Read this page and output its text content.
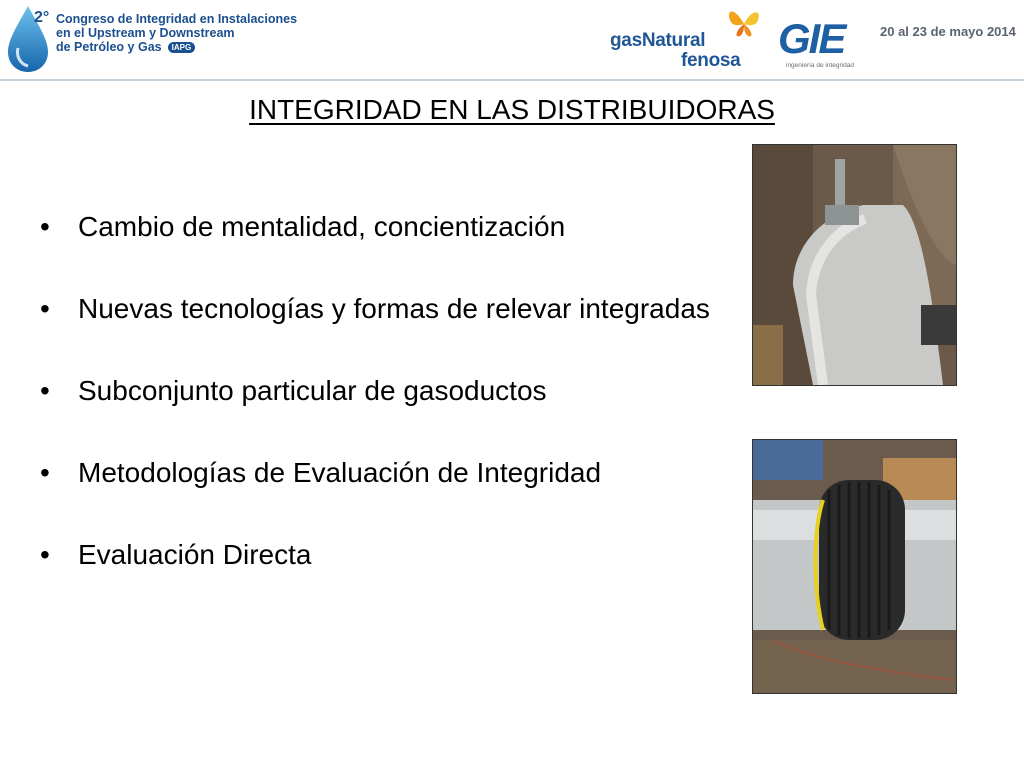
2° Congreso de Integridad en Instalaciones
en el Upstream y Downstream
de Petróleo y Gas IAPG	gasNatural
fenosa GIE
ingeniería de integridad
20 al 23 de mayo 2014
INTEGRIDAD EN LAS DISTRIBUIDORAS
• Cambio de mentalidad, concientización
• Nuevas tecnologías y formas de relevar integradas
• Subconjunto particular de gasoductos
• Metodologías de Evaluación de Integridad
• Evaluación Directa
